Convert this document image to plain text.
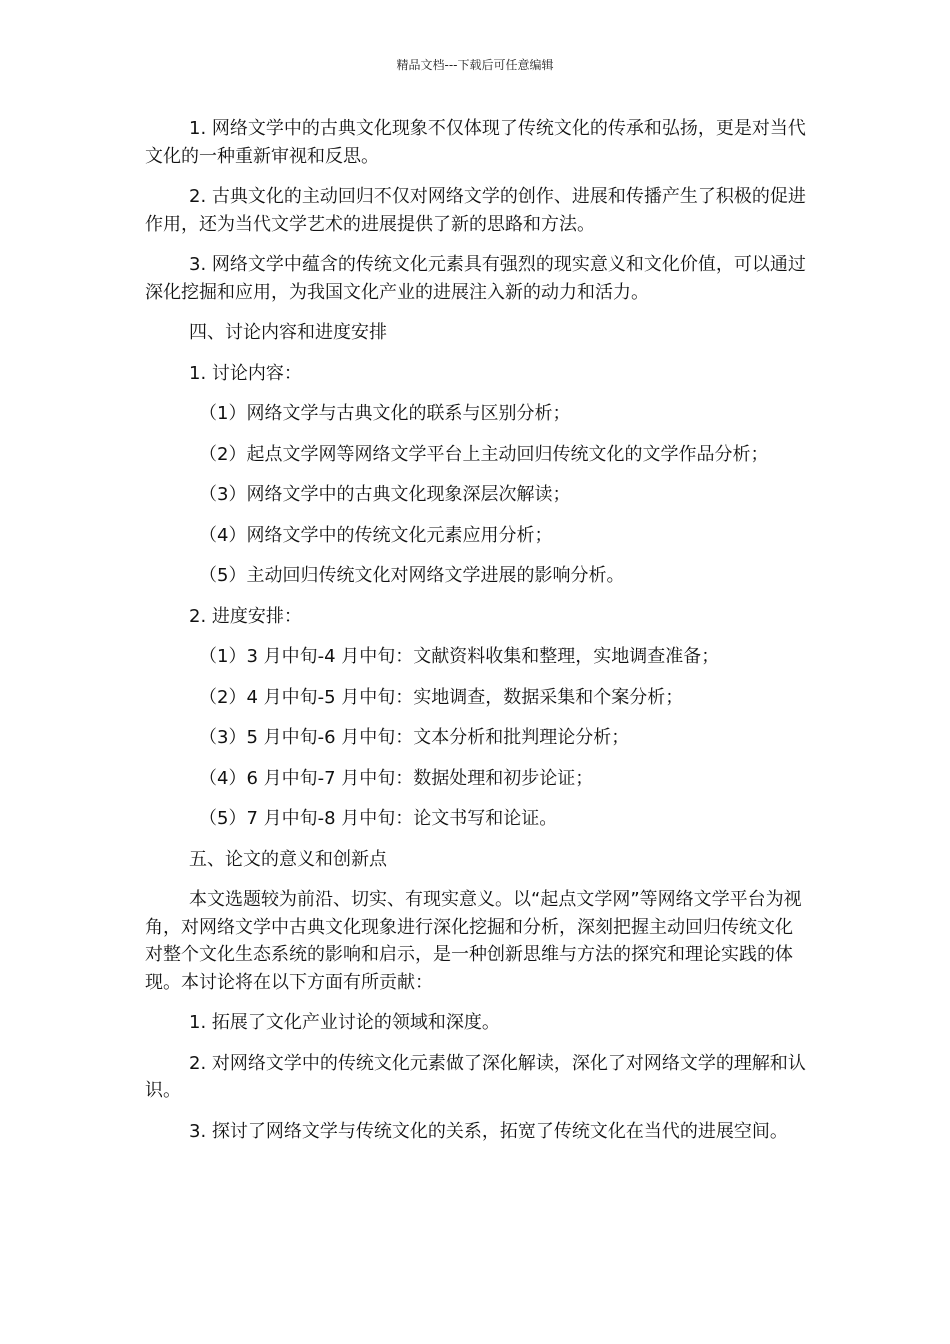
精品文档---下载后可任意编辑

1. 网络文学中的古典文化现象不仅体现了传统文化的传承和弘扬，更是对当代文化的一种重新审视和反思。

2. 古典文化的主动回归不仅对网络文学的创作、进展和传播产生了积极的促进作用，还为当代文学艺术的进展提供了新的思路和方法。

3. 网络文学中蕴含的传统文化元素具有强烈的现实意义和文化价值，可以通过深化挖掘和应用，为我国文化产业的进展注入新的动力和活力。

四、讨论内容和进度安排

1. 讨论内容：

（1）网络文学与古典文化的联系与区别分析；

（2）起点文学网等网络文学平台上主动回归传统文化的文学作品分析；

（3）网络文学中的古典文化现象深层次解读；

（4）网络文学中的传统文化元素应用分析；

（5）主动回归传统文化对网络文学进展的影响分析。

2. 进度安排：

（1）3 月中旬-4 月中旬：文献资料收集和整理，实地调查准备；

（2）4 月中旬-5 月中旬：实地调查，数据采集和个案分析；

（3）5 月中旬-6 月中旬：文本分析和批判理论分析；

（4）6 月中旬-7 月中旬：数据处理和初步论证；

（5）7 月中旬-8 月中旬：论文书写和论证。

五、论文的意义和创新点

本文选题较为前沿、切实、有现实意义。以“起点文学网”等网络文学平台为视角，对网络文学中古典文化现象进行深化挖掘和分析，深刻把握主动回归传统文化对整个文化生态系统的影响和启示，是一种创新思维与方法的探究和理论实践的体现。本讨论将在以下方面有所贡献：

1. 拓展了文化产业讨论的领域和深度。

2. 对网络文学中的传统文化元素做了深化解读，深化了对网络文学的理解和认识。

3. 探讨了网络文学与传统文化的关系，拓宽了传统文化在当代的进展空间。
